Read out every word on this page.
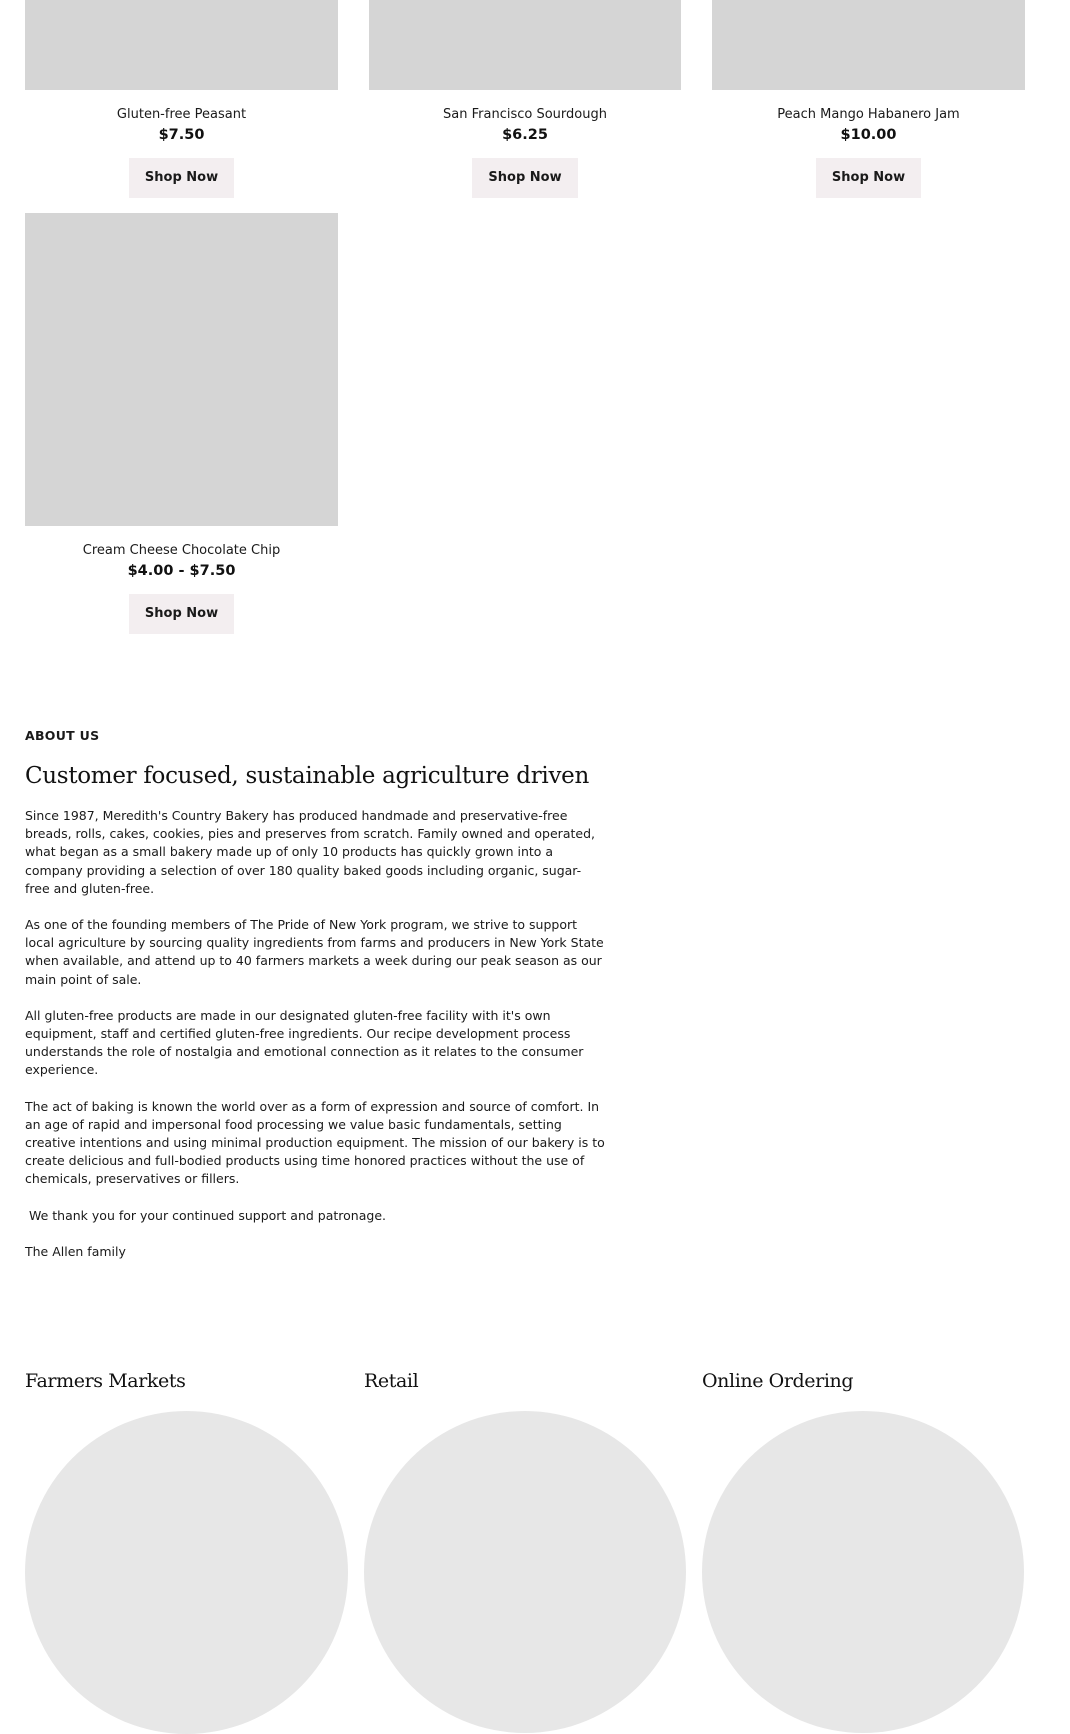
Gluten-free Peasant
$7.50
Shop Now
San Francisco Sourdough
$6.25
Shop Now
Peach Mango Habanero Jam
$10.00
Shop Now
Cream Cheese Chocolate Chip
$4.00 - $7.50
Shop Now
ABOUT US
Customer focused, sustainable agriculture driven

Since 1987, Meredith's Country Bakery has produced handmade and preservative-free breads, rolls, cakes, cookies, pies and preserves from scratch. Family owned and operated, what began as a small bakery made up of only 10 products has quickly grown into a company providing a selection of over 180 quality baked goods including organic, sugar-free and gluten-free.

As one of the founding members of The Pride of New York program, we strive to support local agriculture by sourcing quality ingredients from farms and producers in New York State when available, and attend up to 40 farmers markets a week during our peak season as our main point of sale.

All gluten-free products are made in our designated gluten-free facility with it's own equipment, staff and certified gluten-free ingredients. Our recipe development process understands the role of nostalgia and emotional connection as it relates to the consumer experience.

The act of baking is known the world over as a form of expression and source of comfort. In an age of rapid and impersonal food processing we value basic fundamentals, setting creative intentions and using minimal production equipment. The mission of our bakery is to create delicious and full-bodied products using time honored practices without the use of chemicals, preservatives or fillers.

We thank you for your continued support and patronage.

The Allen family

Farmers Markets	Retail	Online Ordering
